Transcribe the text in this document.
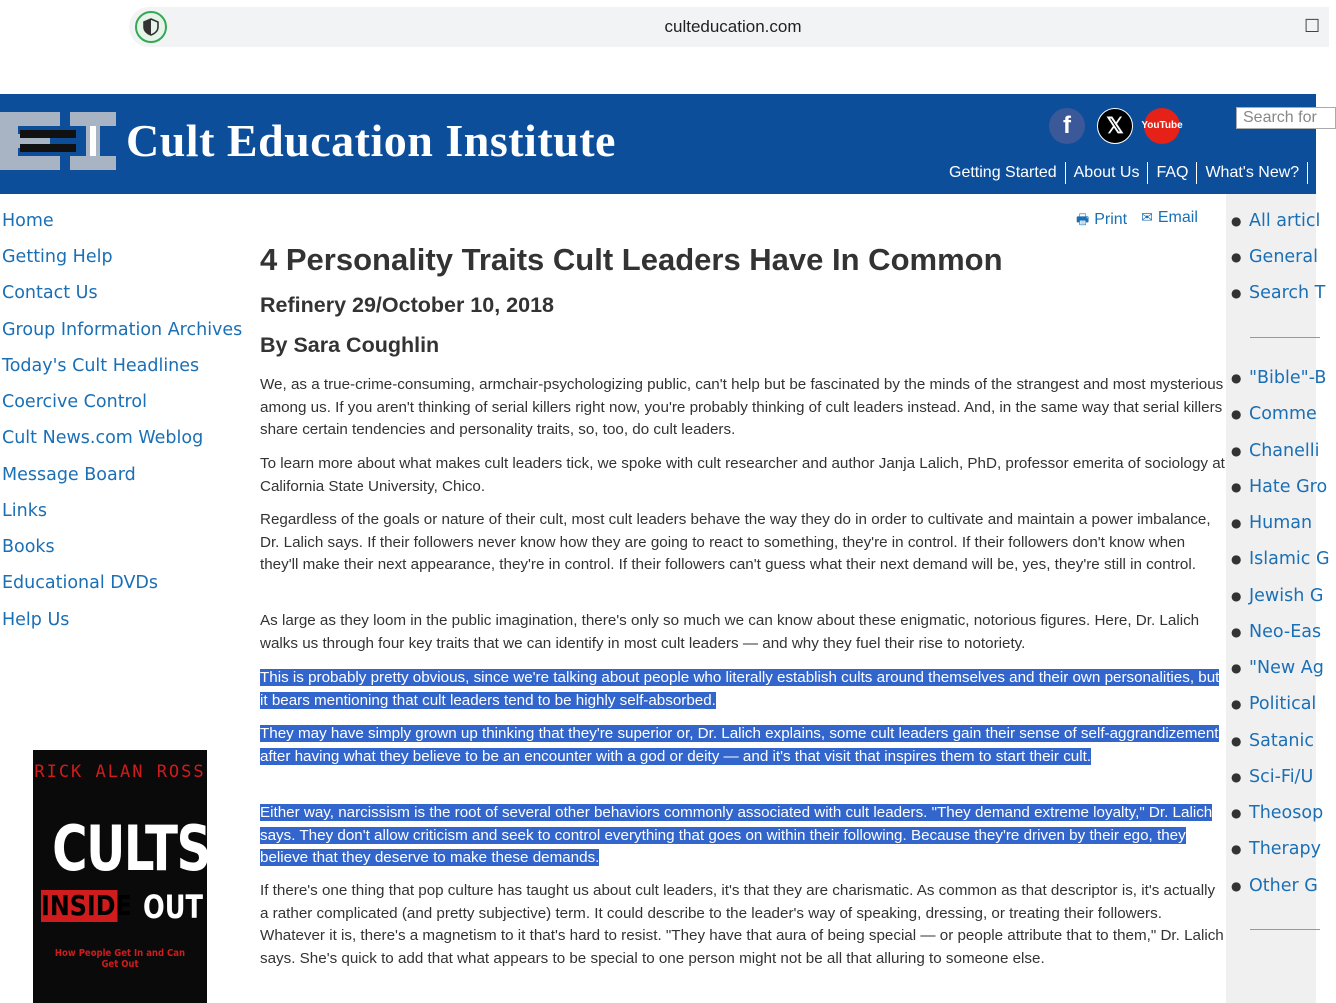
culteducation.com	☐
Cult Education Institute	f	𝕏	You Tube	Search for
Getting Started	About Us	FAQ	What's New?
Home
Getting Help
Contact Us
Group Information Archives
Today's Cult Headlines
Coercive Control
Cult News.com Weblog
Message Board
Links
Books
Educational DVDs
Help Us
RICK ALAN ROSS
CULTS
INSIDE OUT
How People Get In and Can Get Out
🖶 Print ✉ Email
4 Personality Traits Cult Leaders Have In Common
Refinery 29/October 10, 2018
By Sara Coughlin

We, as a true-crime-consuming, armchair-psychologizing public, can't help but be fascinated by the minds of the strangest and most mysterious among us. If you aren't thinking of serial killers right now, you're probably thinking of cult leaders instead. And, in the same way that serial killers share certain tendencies and personality traits, so, too, do cult leaders.

To learn more about what makes cult leaders tick, we spoke with cult researcher and author Janja Lalich, PhD, professor emerita of sociology at California State University, Chico.

Regardless of the goals or nature of their cult, most cult leaders behave the way they do in order to cultivate and maintain a power imbalance, Dr. Lalich says. If their followers never know how they are going to react to something, they're in control. If their followers don't know when they'll make their next appearance, they're in control. If their followers can't guess what their next demand will be, yes, they're still in control.

As large as they loom in the public imagination, there's only so much we can know about these enigmatic, notorious figures. Here, Dr. Lalich walks us through four key traits that we can identify in most cult leaders — and why they fuel their rise to notoriety.

This is probably pretty obvious, since we're talking about people who literally establish cults around themselves and their own personalities, but it bears mentioning that cult leaders tend to be highly self-absorbed.

They may have simply grown up thinking that they're superior or, Dr. Lalich explains, some cult leaders gain their sense of self-aggrandizement after having what they believe to be an encounter with a god or deity — and it's that visit that inspires them to start their cult.

Either way, narcissism is the root of several other behaviors commonly associated with cult leaders. "They demand extreme loyalty," Dr. Lalich says. They don't allow criticism and seek to control everything that goes on within their following. Because they're driven by their ego, they believe that they deserve to make these demands.

If there's one thing that pop culture has taught us about cult leaders, it's that they are charismatic. As common as that descriptor is, it's actually a rather complicated (and pretty subjective) term. It could describe to the leader's way of speaking, dressing, or treating their followers. Whatever it is, there's a magnetism to it that's hard to resist. "They have that aura of being special — or people attribute that to them," Dr. Lalich says. She's quick to add that what appears to be special to one person might not be all that alluring to someone else.

● All articl
● General
● Search T
● "Bible"-B
● Comme
● Chanelli
● Hate Gro
● Human
● Islamic G
● Jewish G
● Neo-Eas
● "New Ag
● Political
● Satanic
● Sci-Fi/U
● Theosop
● Therapy
● Other G
